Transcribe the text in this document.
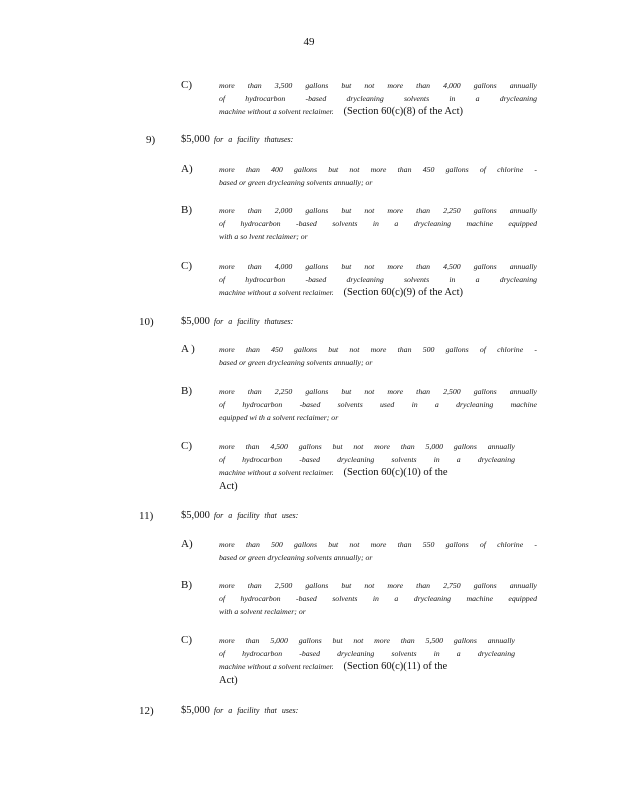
49
C)	more than 3,500 gallons but not more than 4,000 gallons annually
of hydrocarbon -based drycleaning solvents in a drycleaning
machine without a solvent reclaimer. (Section 60(c)(8) of the Act)
9) $5,000 for a facility thatuses:
A)	more than 400 gallons but not more than 450 gallons of chlorine -
based or green drycleaning solvents annually; or
B)	more than 2,000 gallons but not more than 2,250 gallons annually
of hydrocarbon -based solvents in a drycleaning machine equipped
with a so lvent reclaimer; or
C)	more than 4,000 gallons but not more than 4,500 gallons annually
of hydrocarbon -based drycleaning solvents in a drycleaning
machine without a solvent reclaimer. (Section 60(c)(9) of the Act)
10)	$5,000 for a facility thatuses:
A )	more than 450 gallons but not more than 500 gallons of chlorine -
based or green drycleaning solvents annually; or
B)	more than 2,250 gallons but not more than 2,500 gallons annually
of hydrocarbon -based solvents used in a drycleaning machine
equipped wi th a solvent reclaimer; or
C)	more than 4,500 gallons but not more than 5,000 gallons annually
of hydrocarbon -based drycleaning solvents in a drycleaning
machine without a solvent reclaimer. (Section 60(c)(10) of the
Act)
11)	$5,000 for a facility that uses:
A)	more than 500 gallons but not more than 550 gallons of chlorine -
based or green drycleaning solvents annually; or
B)	more than 2,500 gallons but not more than 2,750 gallons annually
of hydrocarbon -based solvents in a drycleaning machine equipped
with a solvent reclaimer; or
C)	more than 5,000 gallons but not more than 5,500 gallons annually
of hydrocarbon -based drycleaning solvents in a drycleaning
machine without a solvent reclaimer. (Section 60(c)(11) of the
Act)
12)	$5,000 for a facility that uses:
